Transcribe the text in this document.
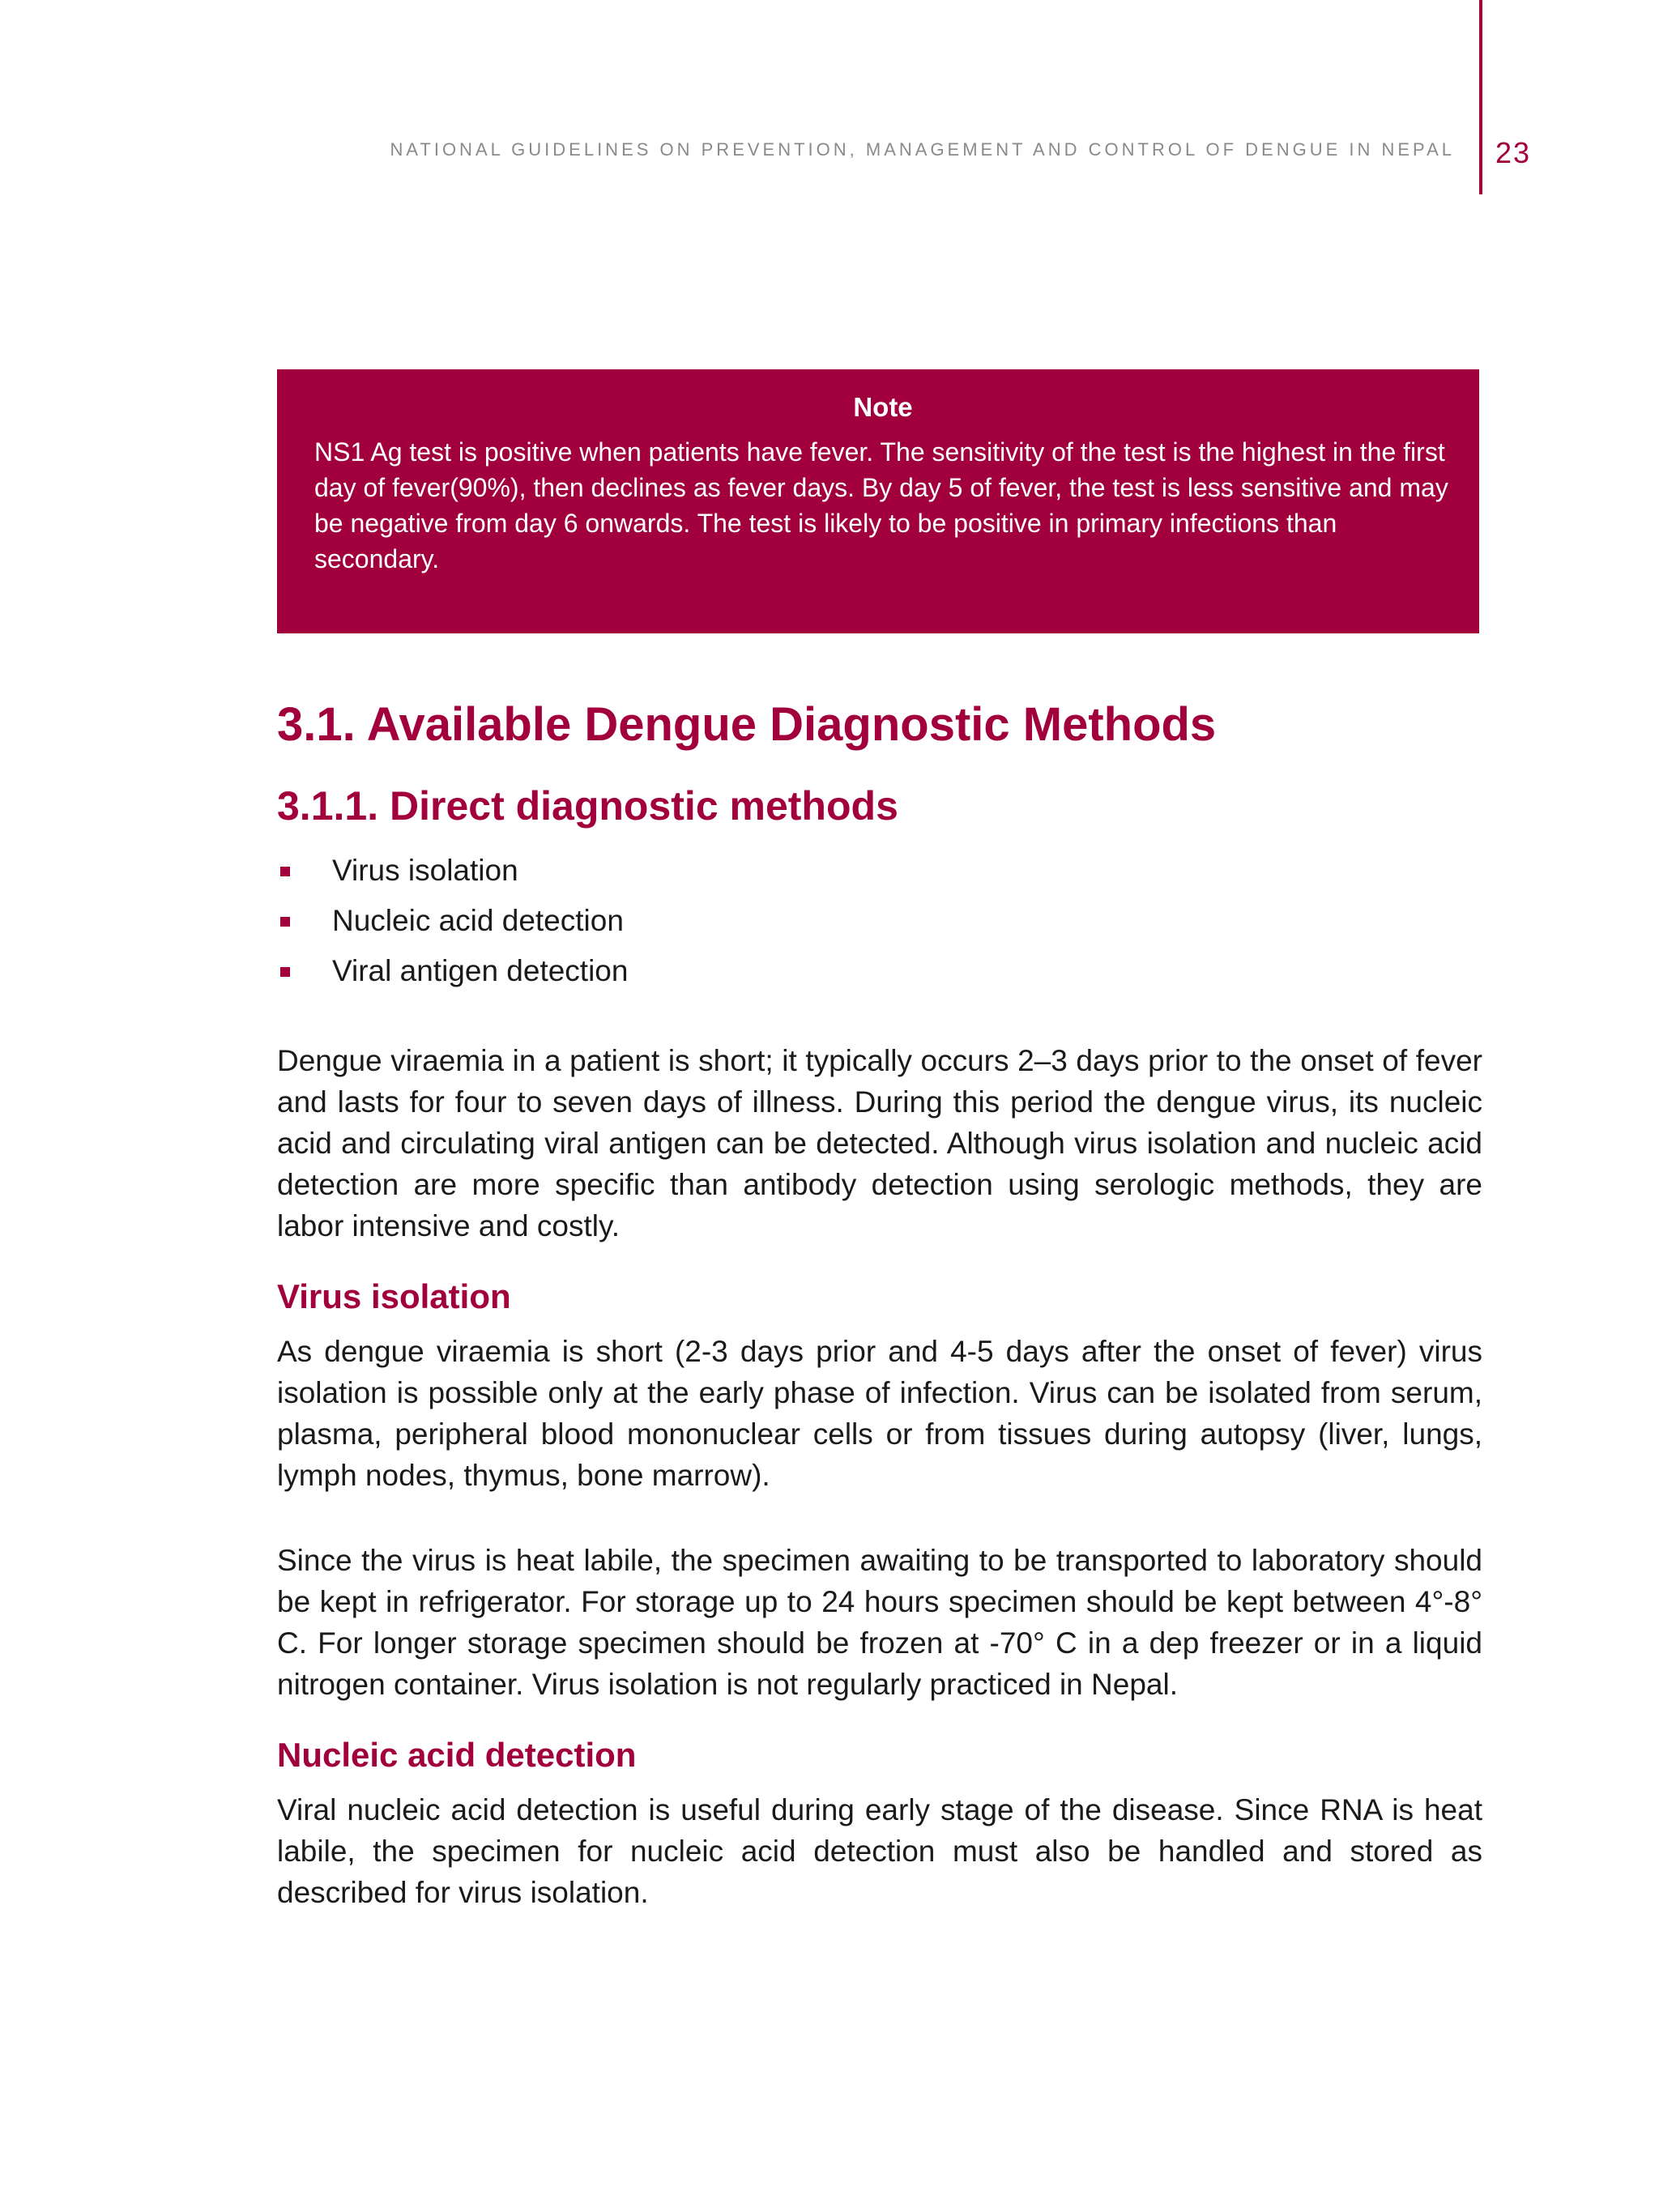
NATIONAL GUIDELINES ON PREVENTION, MANAGEMENT AND CONTROL OF DENGUE IN NEPAL 23
Note
NS1 Ag test is positive when patients have fever. The sensitivity of the test is the highest in the first day of fever(90%), then declines as fever days. By day 5 of fever, the test is less sensitive and may be negative from day 6 onwards. The test is likely to be positive in primary infections than secondary.
3.1. Available Dengue Diagnostic Methods
3.1.1. Direct diagnostic methods
Virus isolation
Nucleic acid detection
Viral antigen detection

Dengue viraemia in a patient is short; it typically occurs 2–3 days prior to the onset of fever and lasts for four to seven days of illness. During this period the dengue virus, its nucleic acid and circulating viral antigen can be detected. Although virus isolation and nucleic acid detection are more specific than antibody detection using serologic methods, they are labor intensive and costly.

Virus isolation

As dengue viraemia is short (2-3 days prior and 4-5 days after the onset of fever) virus isolation is possible only at the early phase of infection. Virus can be isolated from serum, plasma, peripheral blood mononuclear cells or from tissues during autopsy (liver, lungs, lymph nodes, thymus, bone marrow).

Since the virus is heat labile, the specimen awaiting to be transported to laboratory should be kept in refrigerator. For storage up to 24 hours specimen should be kept between 4°-8° C. For longer storage specimen should be frozen at -70° C in a dep freezer or in a liquid nitrogen container. Virus isolation is not regularly practiced in Nepal.

Nucleic acid detection

Viral nucleic acid detection is useful during early stage of the disease. Since RNA is heat labile, the specimen for nucleic acid detection must also be handled and stored as described for virus isolation.
